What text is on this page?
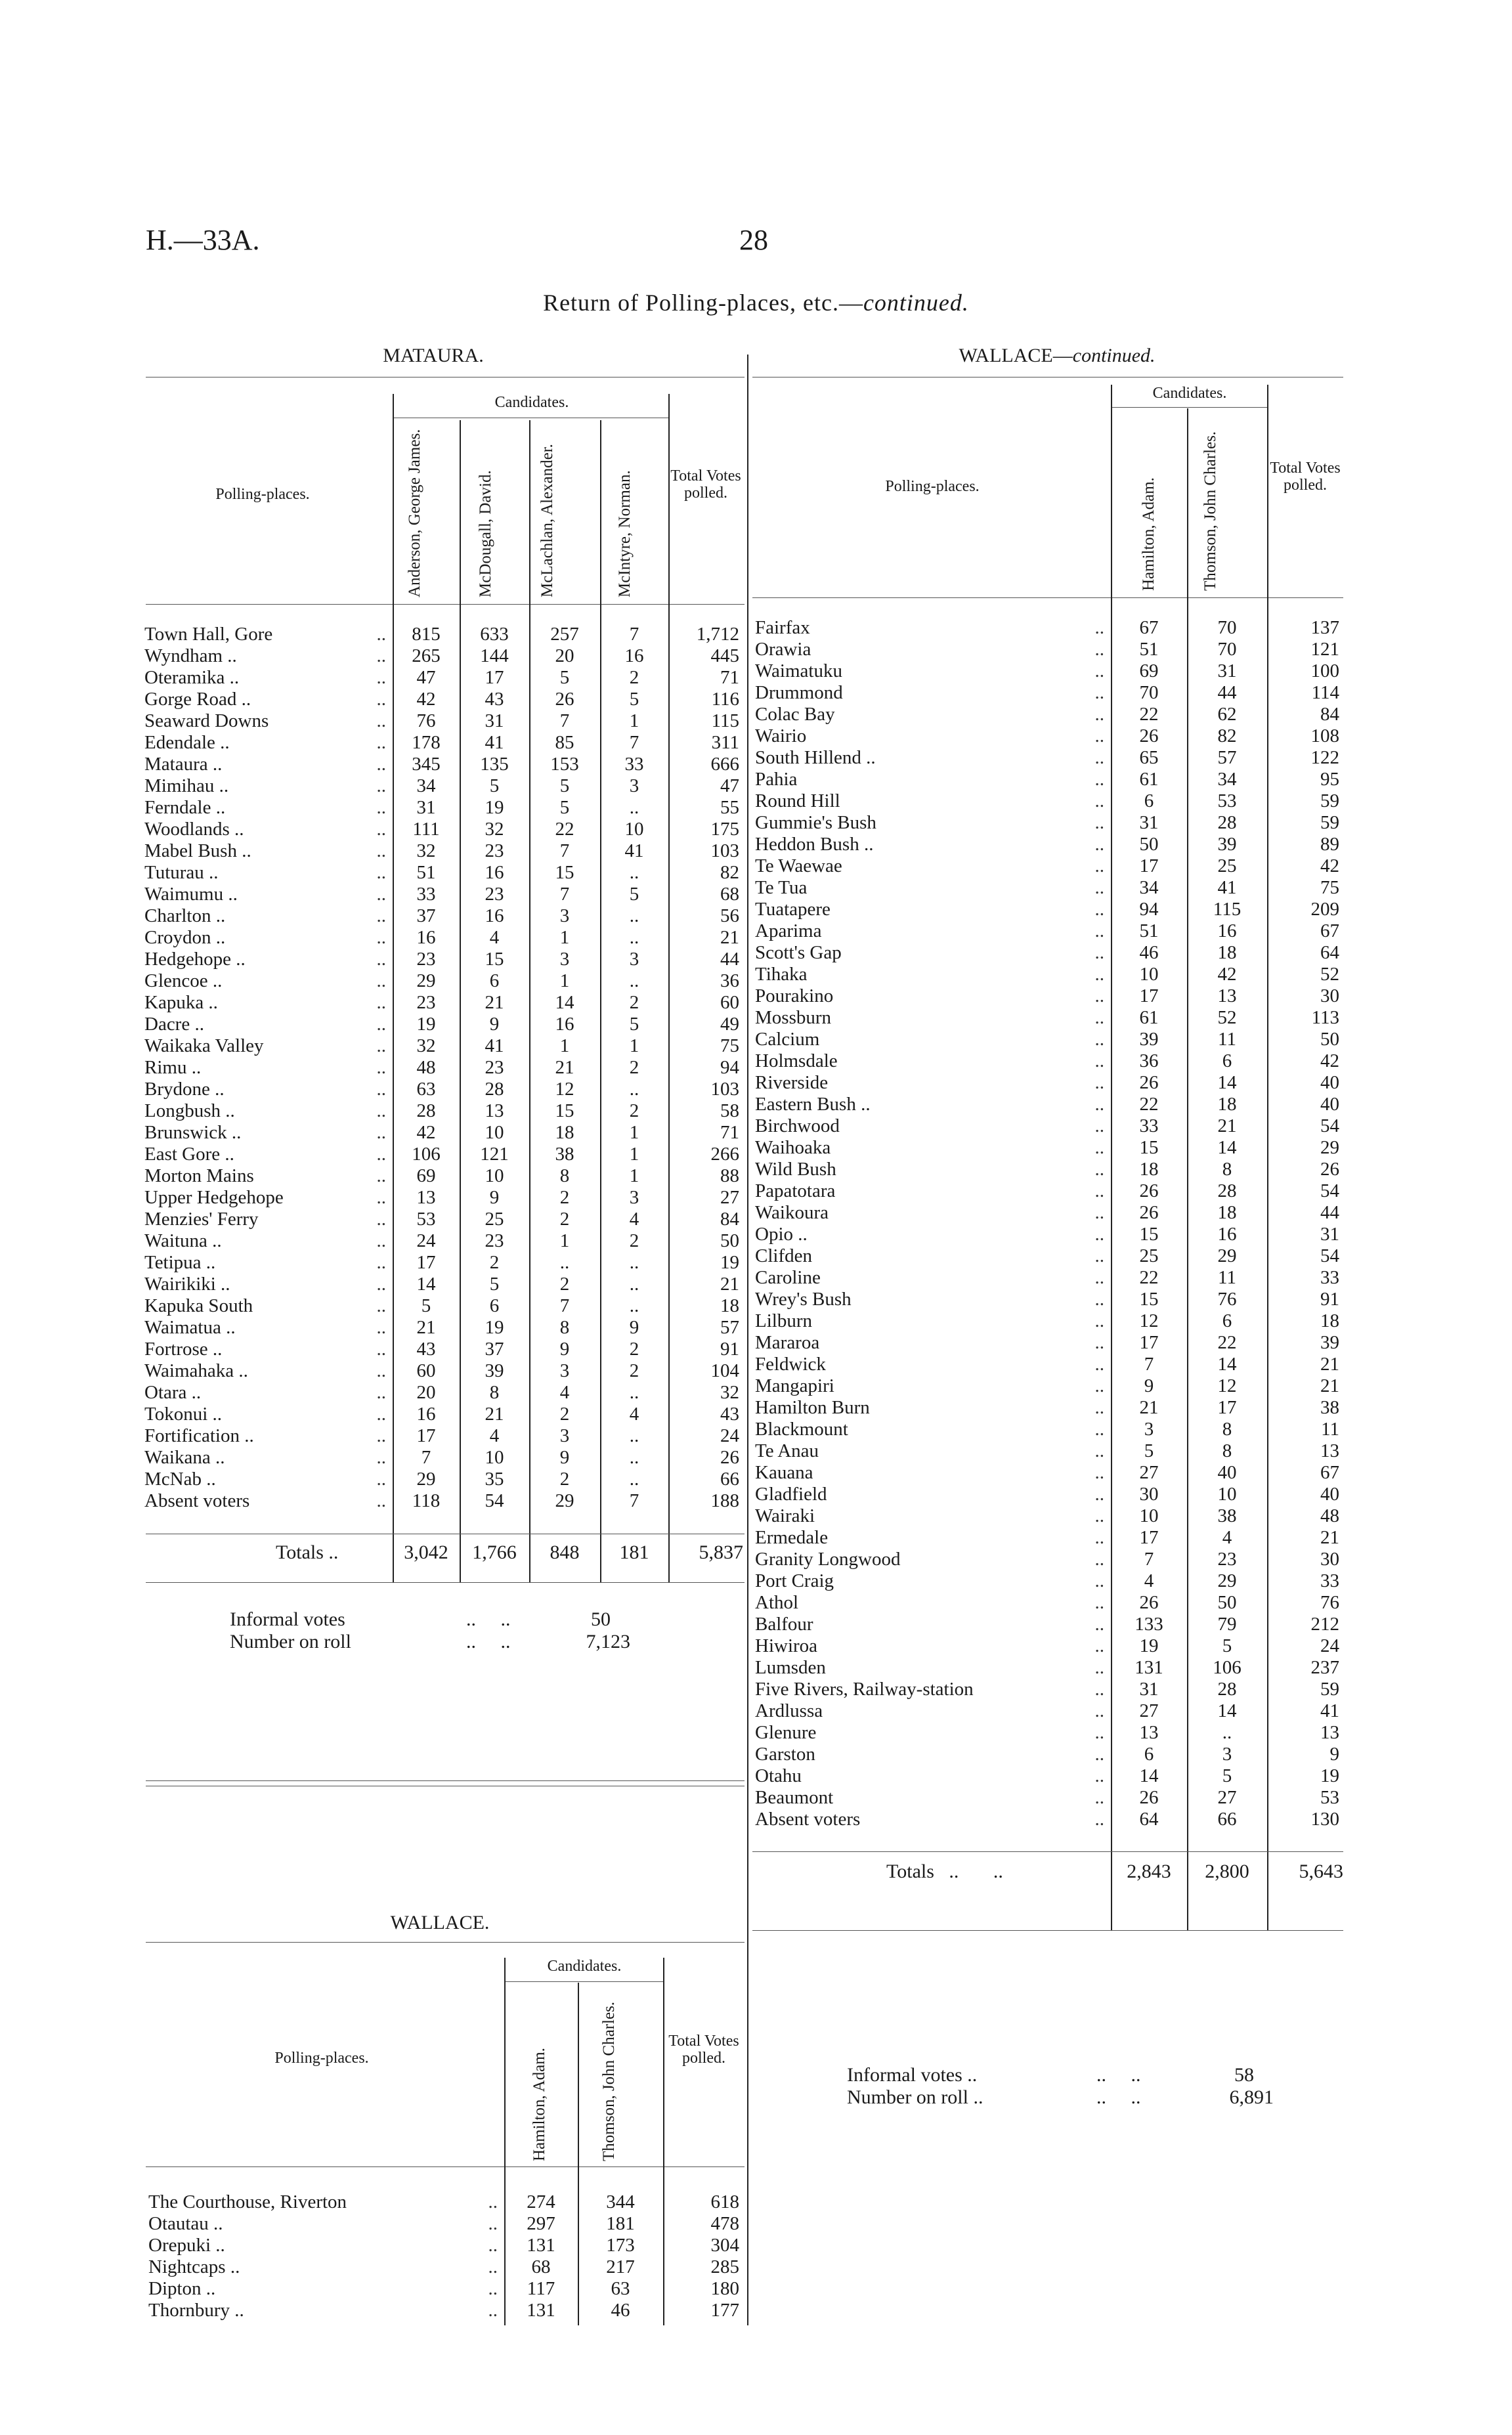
H.—33A.	28
Return of Polling-places, etc.—continued.
MATAURA.
Candidates.
Polling-places.
Total Votes polled.
Anderson, George James.	McDougall, David.	McLachlan, Alexander.	McIntyre, Norman.
Town Hall, Gore	..	815	633	257	7	1,712
Wyndham ..	..	265	144	20	16	445
Oteramika ..	..	47	17	5	2	71
Gorge Road ..	..	42	43	26	5	116
Seaward Downs	..	76	31	7	1	115
Edendale ..	..	178	41	85	7	311
Mataura ..	..	345	135	153	33	666
Mimihau ..	..	34	5	5	3	47
Ferndale ..	..	31	19	5	..	55
Woodlands ..	..	111	32	22	10	175
Mabel Bush ..	..	32	23	7	41	103
Tuturau ..	..	51	16	15	..	82
Waimumu ..	..	33	23	7	5	68
Charlton ..	..	37	16	3	..	56
Croydon ..	..	16	4	1	..	21
Hedgehope ..	..	23	15	3	3	44
Glencoe ..	..	29	6	1	..	36
Kapuka ..	..	23	21	14	2	60
Dacre ..	..	19	9	16	5	49
Waikaka Valley	..	32	41	1	1	75
Rimu ..	..	48	23	21	2	94
Brydone ..	..	63	28	12	..	103
Longbush ..	..	28	13	15	2	58
Brunswick ..	..	42	10	18	1	71
East Gore ..	..	106	121	38	1	266
Morton Mains	..	69	10	8	1	88
Upper Hedgehope	..	13	9	2	3	27
Menzies' Ferry	..	53	25	2	4	84
Waituna ..	..	24	23	1	2	50
Tetipua ..	..	17	2	..	..	19
Wairikiki ..	..	14	5	2	..	21
Kapuka South	..	5	6	7	..	18
Waimatua ..	..	21	19	8	9	57
Fortrose ..	..	43	37	9	2	91
Waimahaka ..	..	60	39	3	2	104
Otara ..	..	20	8	4	..	32
Tokonui ..	..	16	21	2	4	43
Fortification ..	..	17	4	3	..	24
Waikana ..	..	7	10	9	..	26
McNab ..	..	29	35	2	..	66
Absent voters	..	118	54	29	7	188
Totals ..	3,042	1,766	848	181	5,837
Informal votes	..     ..	50
Number on roll	..     ..	7,123
WALLACE.
Candidates.
Polling-places.
Total Votes polled.
Hamilton, Adam.	Thomson, John Charles.
The Courthouse, Riverton	..	274	344	618
Otautau ..	..	297	181	478
Orepuki ..	..	131	173	304
Nightcaps ..	..	68	217	285
Dipton ..	..	117	63	180
Thornbury ..	..	131	46	177
WALLACE—continued.
Candidates.
Polling-places.
Total Votes polled.
Hamilton, Adam.	Thomson, John Charles.
Fairfax	..	67	70	137
Orawia	..	51	70	121
Waimatuku	..	69	31	100
Drummond	..	70	44	114
Colac Bay	..	22	62	84
Wairio	..	26	82	108
South Hillend ..	..	65	57	122
Pahia	..	61	34	95
Round Hill	..	6	53	59
Gummie's Bush	..	31	28	59
Heddon Bush ..	..	50	39	89
Te Waewae	..	17	25	42
Te Tua	..	34	41	75
Tuatapere	..	94	115	209
Aparima	..	51	16	67
Scott's Gap	..	46	18	64
Tihaka	..	10	42	52
Pourakino	..	17	13	30
Mossburn	..	61	52	113
Calcium	..	39	11	50
Holmsdale	..	36	6	42
Riverside	..	26	14	40
Eastern Bush ..	..	22	18	40
Birchwood	..	33	21	54
Waihoaka	..	15	14	29
Wild Bush	..	18	8	26
Papatotara	..	26	28	54
Waikoura	..	26	18	44
Opio ..	..	15	16	31
Clifden	..	25	29	54
Caroline	..	22	11	33
Wrey's Bush	..	15	76	91
Lilburn	..	12	6	18
Mararoa	..	17	22	39
Feldwick	..	7	14	21
Mangapiri	..	9	12	21
Hamilton Burn	..	21	17	38
Blackmount	..	3	8	11
Te Anau	..	5	8	13
Kauana	..	27	40	67
Gladfield	..	30	10	40
Wairaki	..	10	38	48
Ermedale	..	17	4	21
Granity Longwood	..	7	23	30
Port Craig	..	4	29	33
Athol	..	26	50	76
Balfour	..	133	79	212
Hiwiroa	..	19	5	24
Lumsden	..	131	106	237
Five Rivers, Railway-station	..	31	28	59
Ardlussa	..	27	14	41
Glenure	..	13	..	13
Garston	..	6	3	9
Otahu	..	14	5	19
Beaumont	..	26	27	53
Absent voters	..	64	66	130
Totals   ..       ..	2,843	2,800	5,643
Informal votes ..	..     ..	58
Number on roll ..	..     ..	6,891
